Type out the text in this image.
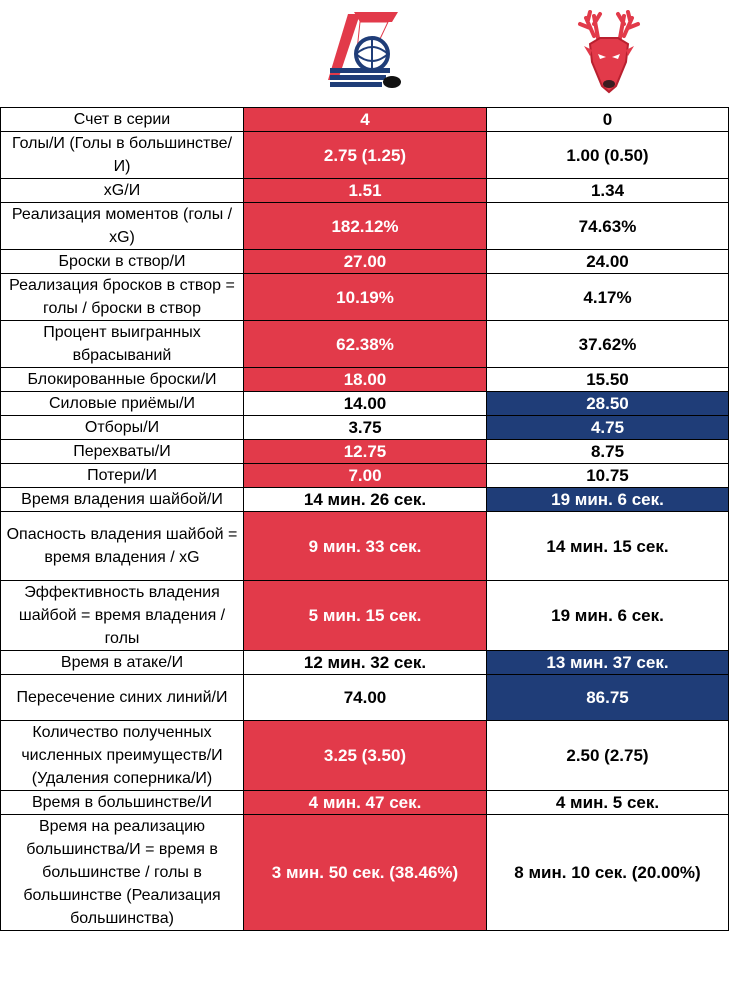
Счет в серии	4	0
Голы/И (Голы в большинстве/И)	2.75 (1.25)	1.00 (0.50)
xG/И	1.51	1.34
Реализация моментов (голы / xG)	182.12%	74.63%
Броски в створ/И	27.00	24.00
Реализация бросков в створ = голы / броски в створ	10.19%	4.17%
Процент выигранных вбрасываний	62.38%	37.62%
Блокированные броски/И	18.00	15.50
Силовые приёмы/И	14.00	28.50
Отборы/И	3.75	4.75
Перехваты/И	12.75	8.75
Потери/И	7.00	10.75
Время владения шайбой/И	14 мин. 26 сек.	19 мин. 6 сек.
Опасность владения шайбой = время владения / xG	9 мин. 33 сек.	14 мин. 15 сек.
Эффективность владения шайбой = время владения / голы	5 мин. 15 сек.	19 мин. 6 сек.
Время в атаке/И	12 мин. 32 сек.	13 мин. 37 сек.
Пересечение синих линий/И	74.00	86.75
Количество полученных численных преимуществ/И (Удаления соперника/И)	3.25 (3.50)	2.50 (2.75)
Время в большинстве/И	4 мин. 47 сек.	4 мин. 5 сек.
Время на реализацию большинства/И = время в большинстве / голы в большинстве (Реализация большинства)	3 мин. 50 сек. (38.46%)	8 мин. 10 сек. (20.00%)
